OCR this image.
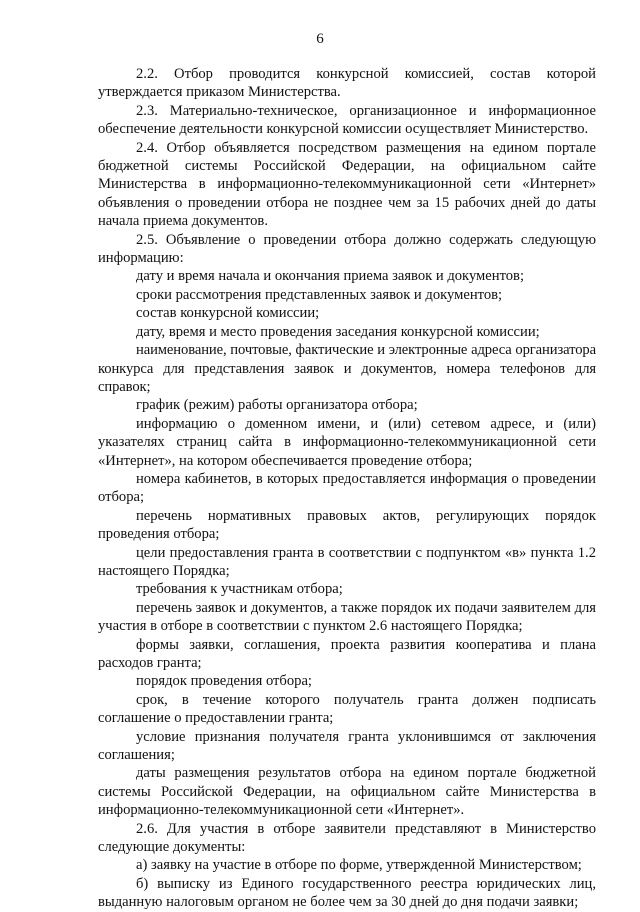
6

2.2. Отбор проводится конкурсной комиссией, состав которой утверждается приказом Министерства.

2.3. Материально-техническое, организационное и информационное обеспечение деятельности конкурсной комиссии осуществляет Министерство.

2.4. Отбор объявляется посредством размещения на едином портале бюджетной системы Российской Федерации, на официальном сайте Министерства в информационно-телекоммуникационной сети «Интернет» объявления о проведении отбора не позднее чем за 15 рабочих дней до даты начала приема документов.

2.5. Объявление о проведении отбора должно содержать следующую информацию:

дату и время начала и окончания приема заявок и документов;

сроки рассмотрения представленных заявок и документов;

состав конкурсной комиссии;

дату, время и место проведения заседания конкурсной комиссии;

наименование, почтовые, фактические и электронные адреса организатора конкурса для представления заявок и документов, номера телефонов для справок;

график (режим) работы организатора отбора;

информацию о доменном имени, и (или) сетевом адресе, и (или) указателях страниц сайта в информационно-телекоммуникационной сети «Интернет», на котором обеспечивается проведение отбора;

номера кабинетов, в которых предоставляется информация о проведении отбора;

перечень нормативных правовых актов, регулирующих порядок проведения отбора;

цели предоставления гранта в соответствии с подпунктом «в» пункта 1.2 настоящего Порядка;

требования к участникам отбора;

перечень заявок и документов, а также порядок их подачи заявителем для участия в отборе в соответствии с пунктом 2.6 настоящего Порядка;

формы заявки, соглашения, проекта развития кооператива и плана расходов гранта;

порядок проведения отбора;

срок, в течение которого получатель гранта должен подписать соглашение о предоставлении гранта;

условие признания получателя гранта уклонившимся от заключения соглашения;

даты размещения результатов отбора на едином портале бюджетной системы Российской Федерации, на официальном сайте Министерства в информационно-телекоммуникационной сети «Интернет».

2.6. Для участия в отборе заявители представляют в Министерство следующие документы:

а) заявку на участие в отборе по форме, утвержденной Министерством;

б) выписку из Единого государственного реестра юридических лиц, выданную налоговым органом не более чем за 30 дней до дня подачи заявки;
